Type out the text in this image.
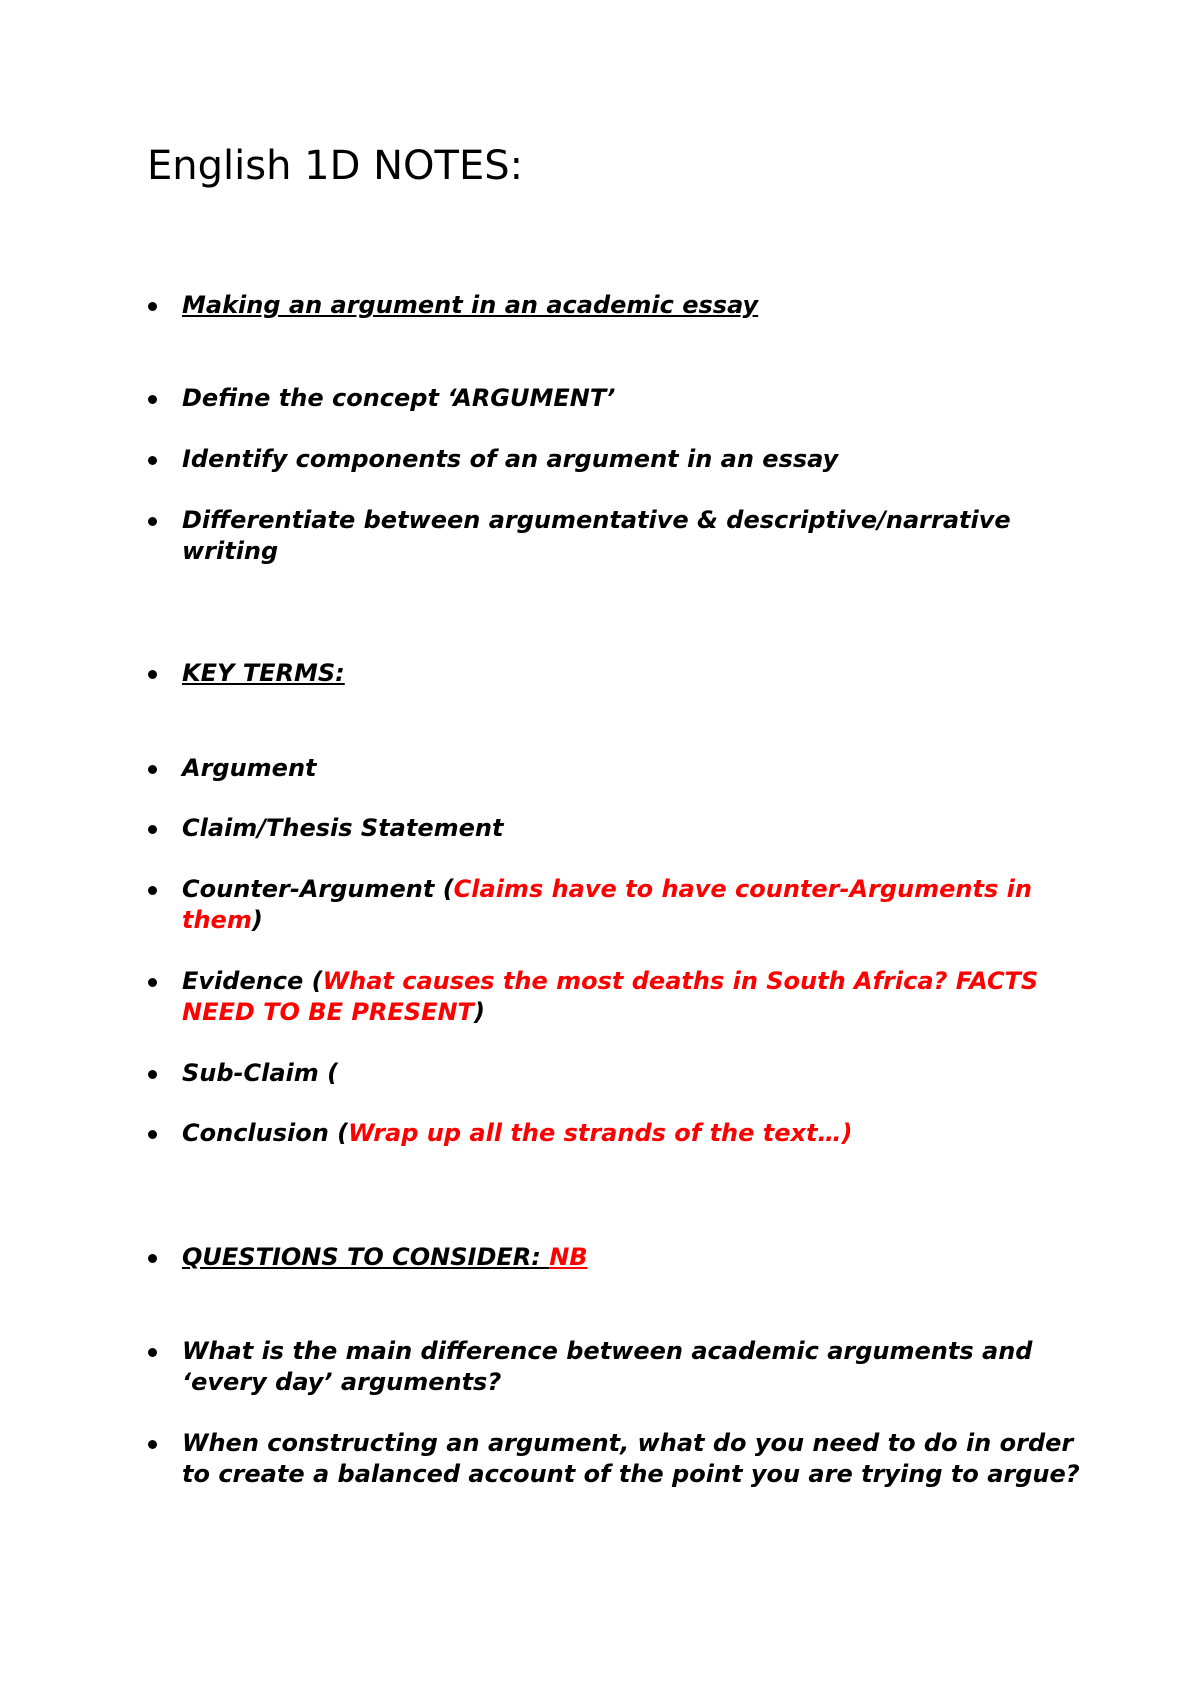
English 1D NOTES:
Making an argument in an academic essay
Define the concept ‘ARGUMENT’
Identify components of an argument in an essay
Differentiate between argumentative & descriptive/narrative writing
KEY TERMS:
Argument
Claim/Thesis Statement
Counter-Argument (Claims have to have counter-Arguments in them)
Evidence (What causes the most deaths in South Africa? FACTS NEED TO BE PRESENT)
Sub-Claim (
Conclusion (Wrap up all the strands of the text…)
QUESTIONS TO CONSIDER: NB
What is the main difference between academic arguments and ‘every day’ arguments?
When constructing an argument, what do you need to do in order to create a balanced account of the point you are trying to argue?
